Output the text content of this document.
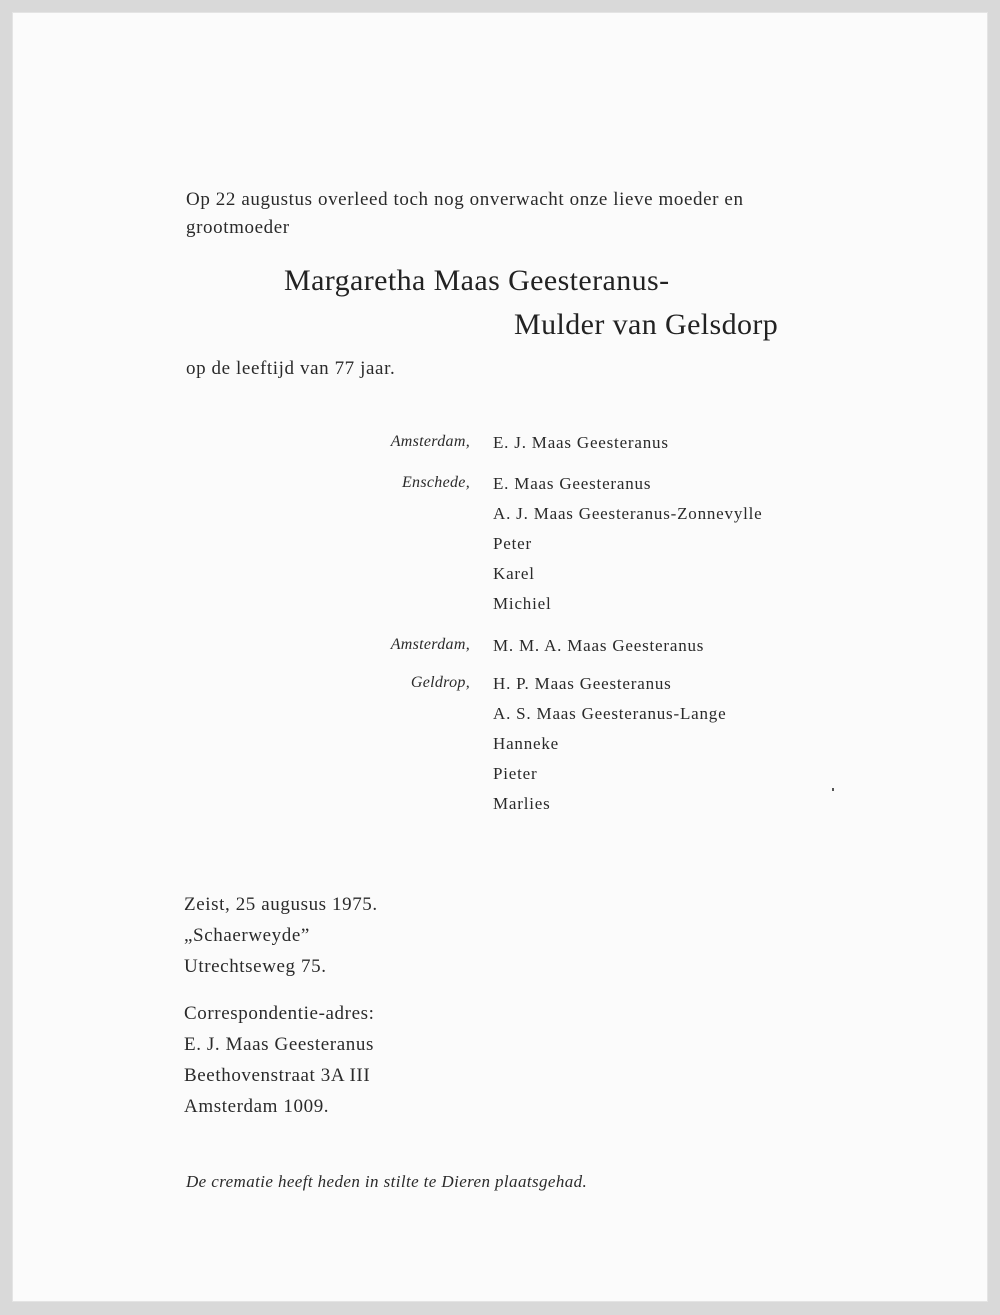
Op 22 augustus overleed toch nog onverwacht onze lieve moeder en
grootmoeder
Margaretha Maas Geesteranus-
Mulder van Gelsdorp
op de leeftijd van 77 jaar.
Amsterdam, E. J. Maas Geesteranus
Enschede, E. Maas Geesteranus
A. J. Maas Geesteranus-Zonnevylle
Peter
Karel
Michiel
Amsterdam, M. M. A. Maas Geesteranus
Geldrop, H. P. Maas Geesteranus
A. S. Maas Geesteranus-Lange
Hanneke
Pieter
Marlies
Zeist, 25 augusus 1975.
„Schaerweyde”
Utrechtseweg 75.
Correspondentie-adres:
E. J. Maas Geesteranus
Beethovenstraat 3A III
Amsterdam 1009.
De crematie heeft heden in stilte te Dieren plaatsgehad.
